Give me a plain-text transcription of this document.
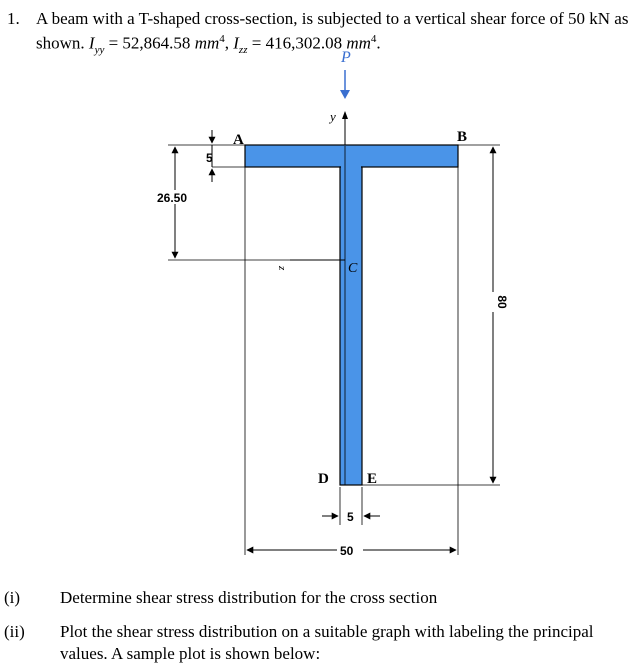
1. A beam with a T-shaped cross-section, is subjected to a vertical shear force of 50 kN as
shown. $I_{yy} = 52,864.58$ $mm^4$, $I_{zz} = 416,302.08$ $mm^4$.
P
y
C
z
A	B
D	E
5
26.50
80
5
50
(i) Determine shear stress distribution for the cross section
(ii) Plot the shear stress distribution on a suitable graph with labeling the principal values. A sample plot is shown below:
